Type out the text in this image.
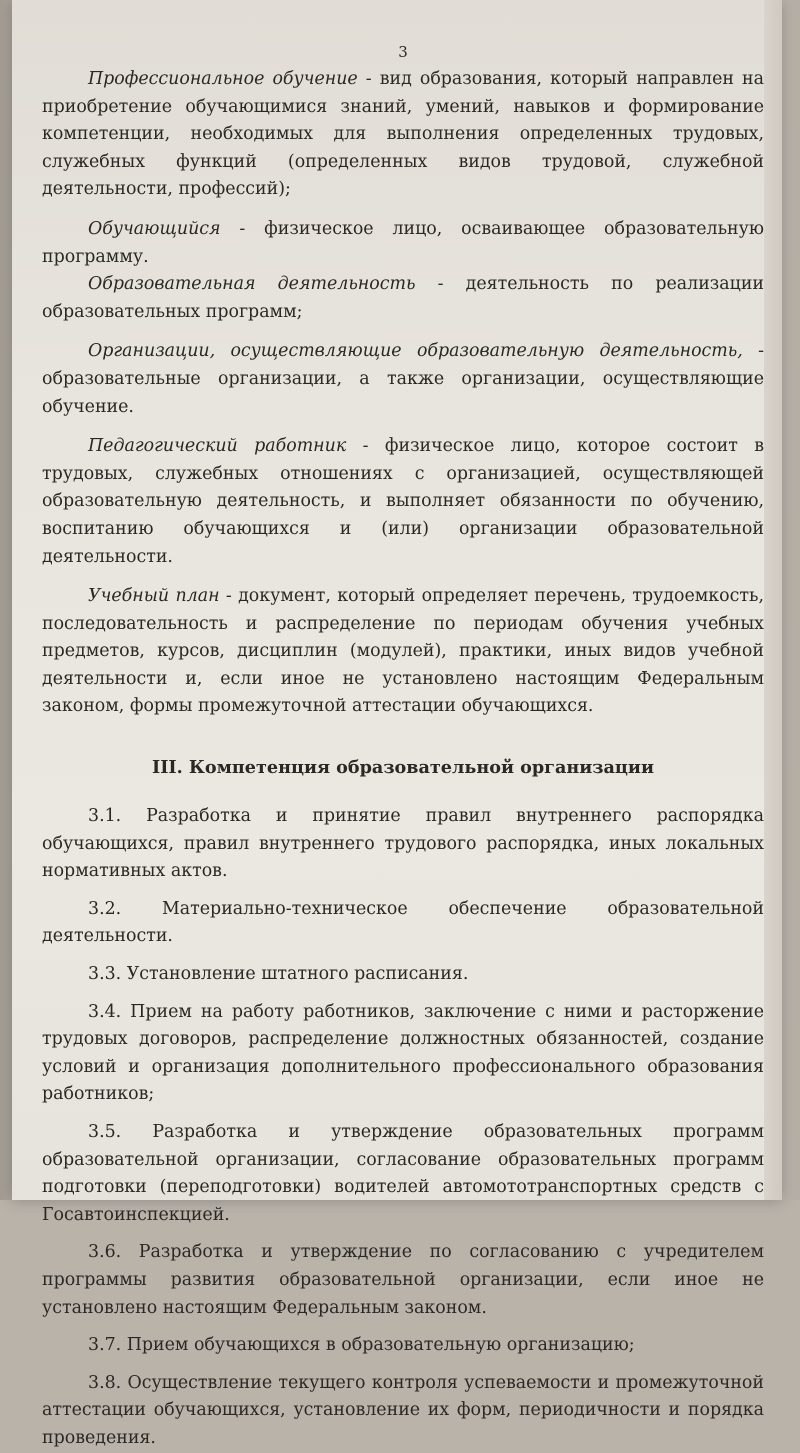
3

Профессиональное обучение - вид образования, который направлен на приобретение обучающимися знаний, умений, навыков и формирование компетенции, необходимых для выполнения определенных трудовых, служебных функций (определенных видов трудовой, служебной деятельности, профессий);

Обучающийся - физическое лицо, осваивающее образовательную программу.

Образовательная деятельность - деятельность по реализации образовательных программ;

Организации, осуществляющие образовательную деятельность, - образовательные организации, а также организации, осуществляющие обучение.

Педагогический работник - физическое лицо, которое состоит в трудовых, служебных отношениях с организацией, осуществляющей образовательную деятельность, и выполняет обязанности по обучению, воспитанию обучающихся и (или) организации образовательной деятельности.

Учебный план - документ, который определяет перечень, трудоемкость, последовательность и распределение по периодам обучения учебных предметов, курсов, дисциплин (модулей), практики, иных видов учебной деятельности и, если иное не установлено настоящим Федеральным законом, формы промежуточной аттестации обучающихся.

III. Компетенция образовательной организации

3.1. Разработка и принятие правил внутреннего распорядка обучающихся, правил внутреннего трудового распорядка, иных локальных нормативных актов.

3.2. Материально-техническое обеспечение образовательной деятельности.

3.3. Установление штатного расписания.

3.4. Прием на работу работников, заключение с ними и расторжение трудовых договоров, распределение должностных обязанностей, создание условий и организация дополнительного профессионального образования работников;

3.5. Разработка и утверждение образовательных программ образовательной организации, согласование образовательных программ подготовки (переподготовки) водителей автомототранспортных средств с Госавтоинспекцией.

3.6. Разработка и утверждение по согласованию с учредителем программы развития образовательной организации, если иное не установлено настоящим Федеральным законом.

3.7. Прием обучающихся в образовательную организацию;

3.8. Осуществление текущего контроля успеваемости и промежуточной аттестации обучающихся, установление их форм, периодичности и порядка проведения.
